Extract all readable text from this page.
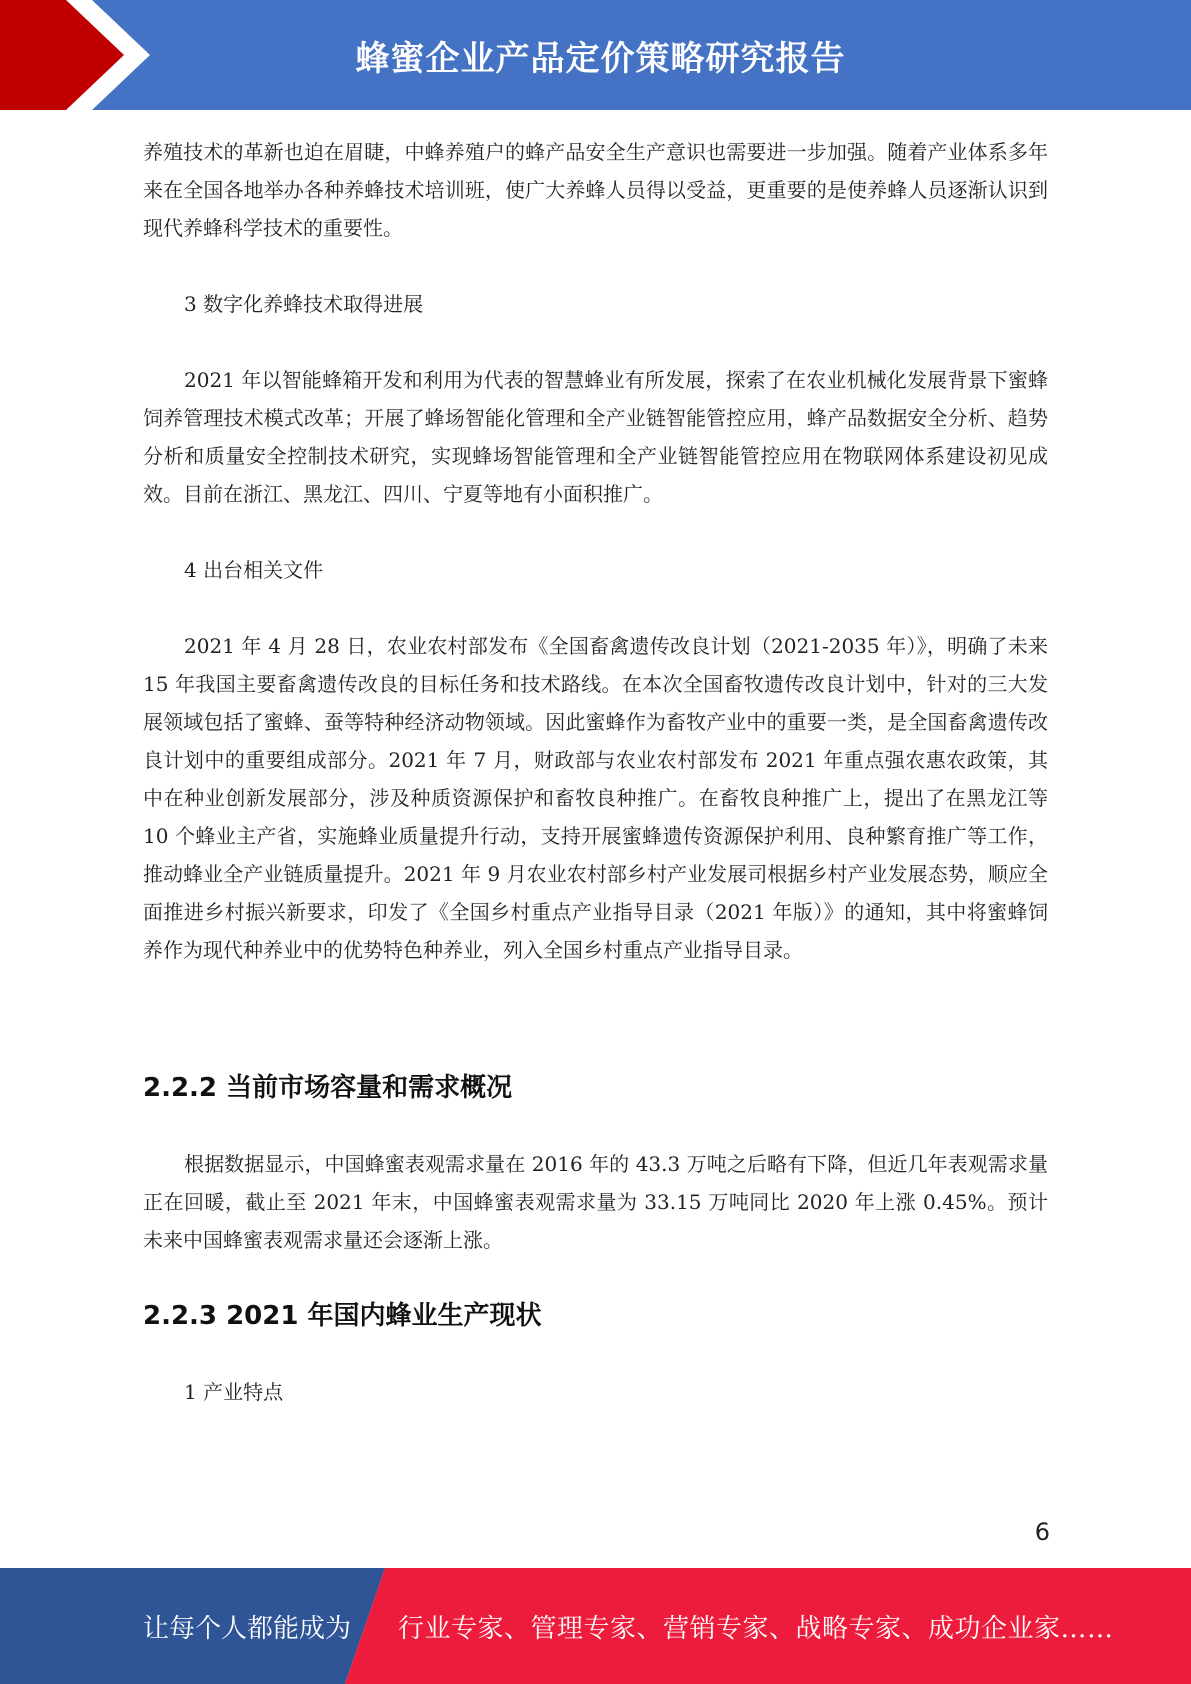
蜂蜜企业产品定价策略研究报告

养殖技术的革新也迫在眉睫，中蜂养殖户的蜂产品安全生产意识也需要进一步加强。随着产业体系多年来在全国各地举办各种养蜂技术培训班，使广大养蜂人员得以受益，更重要的是使养蜂人员逐渐认识到现代养蜂科学技术的重要性。

3 数字化养蜂技术取得进展

2021 年以智能蜂箱开发和利用为代表的智慧蜂业有所发展，探索了在农业机械化发展背景下蜜蜂饲养管理技术模式改革；开展了蜂场智能化管理和全产业链智能管控应用，蜂产品数据安全分析、趋势分析和质量安全控制技术研究，实现蜂场智能管理和全产业链智能管控应用在物联网体系建设初见成效。目前在浙江、黑龙江、四川、宁夏等地有小面积推广。

4 出台相关文件

2021 年 4 月 28 日，农业农村部发布《全国畜禽遗传改良计划（2021-2035 年）》，明确了未来 15 年我国主要畜禽遗传改良的目标任务和技术路线。在本次全国畜牧遗传改良计划中，针对的三大发展领域包括了蜜蜂、蚕等特种经济动物领域。因此蜜蜂作为畜牧产业中的重要一类，是全国畜禽遗传改良计划中的重要组成部分。2021 年 7 月，财政部与农业农村部发布 2021 年重点强农惠农政策，其中在种业创新发展部分，涉及种质资源保护和畜牧良种推广。在畜牧良种推广上，提出了在黑龙江等 10 个蜂业主产省，实施蜂业质量提升行动，支持开展蜜蜂遗传资源保护利用、良种繁育推广等工作，推动蜂业全产业链质量提升。2021 年 9 月农业农村部乡村产业发展司根据乡村产业发展态势，顺应全面推进乡村振兴新要求，印发了《全国乡村重点产业指导目录（2021 年版）》的通知，其中将蜜蜂饲养作为现代种养业中的优势特色种养业，列入全国乡村重点产业指导目录。

2.2.2 当前市场容量和需求概况

根据数据显示，中国蜂蜜表观需求量在 2016 年的 43.3 万吨之后略有下降，但近几年表观需求量正在回暖，截止至 2021 年末，中国蜂蜜表观需求量为 33.15 万吨同比 2020 年上涨 0.45%。预计未来中国蜂蜜表观需求量还会逐渐上涨。

2.2.3 2021 年国内蜂业生产现状

1 产业特点

6
让每个人都能成为 行业专家、管理专家、营销专家、战略专家、成功企业家……
